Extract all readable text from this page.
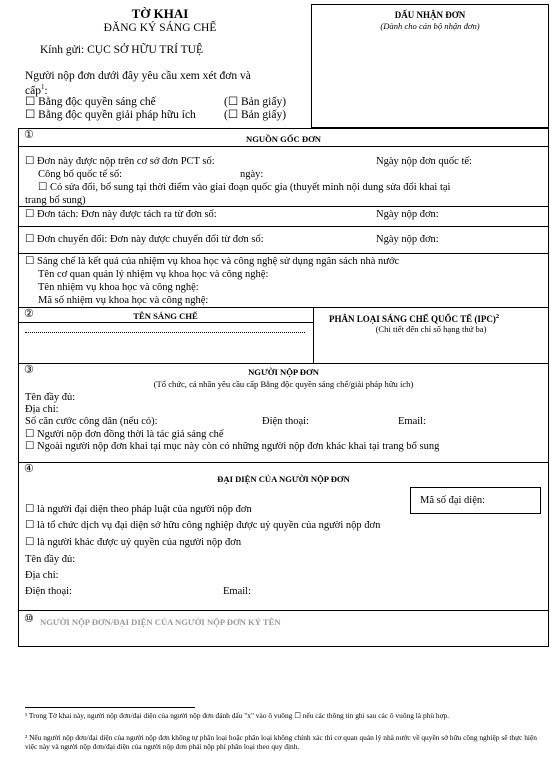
TỜ KHAI
ĐĂNG KÝ SÁNG CHẾ
Kính gửi: CỤC SỞ HỮU TRÍ TUỆ
Người nộp đơn dưới đây yêu cầu xem xét đơn và
cấp$^1$:
☐ Bằng độc quyền sáng chế	(☐ Bản giấy)
☐ Bằng độc quyền giải pháp hữu ích (☐ Bản giấy)
DẤU NHẬN ĐƠN
(Dành cho cán bộ nhận đơn)
①	NGUỒN GỐC ĐƠN
☐ Đơn này được nộp trên cơ sở đơn PCT số:	Ngày nộp đơn quốc tế:
Công bố quốc tế số:	ngày:
☐ Có sửa đổi, bổ sung tại thời điểm vào giai đoạn quốc gia (thuyết minh nội dung sửa đổi khai tại
trang bổ sung)
☐ Đơn tách: Đơn này được tách ra từ đơn số:	Ngày nộp đơn:
☐ Đơn chuyển đổi: Đơn này được chuyển đổi từ đơn số:	Ngày nộp đơn:
☐ Sáng chế là kết quả của nhiệm vụ khoa học và công nghệ sử dụng ngân sách nhà nước
Tên cơ quan quản lý nhiệm vụ khoa học và công nghệ:
Tên nhiệm vụ khoa học và công nghệ:
Mã số nhiệm vụ khoa học và công nghệ:
②	TÊN SÁNG CHẾ	PHÂN LOẠI SÁNG CHẾ QUỐC TẾ (IPC)$^2$
(Chi tiết đến chỉ số hạng thứ ba)
③	NGƯỜI NỘP ĐƠN
(Tổ chức, cá nhân yêu cầu cấp Bằng độc quyền sáng chế/giải pháp hữu ích)
Tên đầy đủ:
Địa chỉ:
Số căn cước công dân (nếu có):	Điện thoại:	Email:
☐ Người nộp đơn đồng thời là tác giả sáng chế
☐ Ngoài người nộp đơn khai tại mục này còn có những người nộp đơn khác khai tại trang bổ sung
④
ĐẠI DIỆN CỦA NGƯỜI NỘP ĐƠN
Mã số đại diện:
☐ là người đại diện theo pháp luật của người nộp đơn
☐ là tổ chức dịch vụ đại diện sở hữu công nghiệp được uỷ quyền của người nộp đơn
☐ là người khác được uỷ quyền của người nộp đơn
Tên đầy đủ:
Địa chỉ:
Điện thoại:	Email:
⑩ NGƯỜI NỘP ĐƠN/ĐẠI DIỆN CỦA NGƯỜI NỘP ĐƠN KÝ TÊN
¹ Trong Tờ khai này, người nộp đơn/đại diện của người nộp đơn đánh dấu "x" vào ô vuông ☐ nếu các thông tin ghi sau các ô vuông là phù hợp.
² Nếu người nộp đơn/đại diện của người nộp đơn không tự phân loại hoặc phân loại không chính xác thì cơ quan quản lý nhà nước về quyền sở hữu công nghiệp sẽ thực hiện việc này và người nộp đơn/đại diện của người nộp đơn phải nộp phí phân loại theo quy định.
